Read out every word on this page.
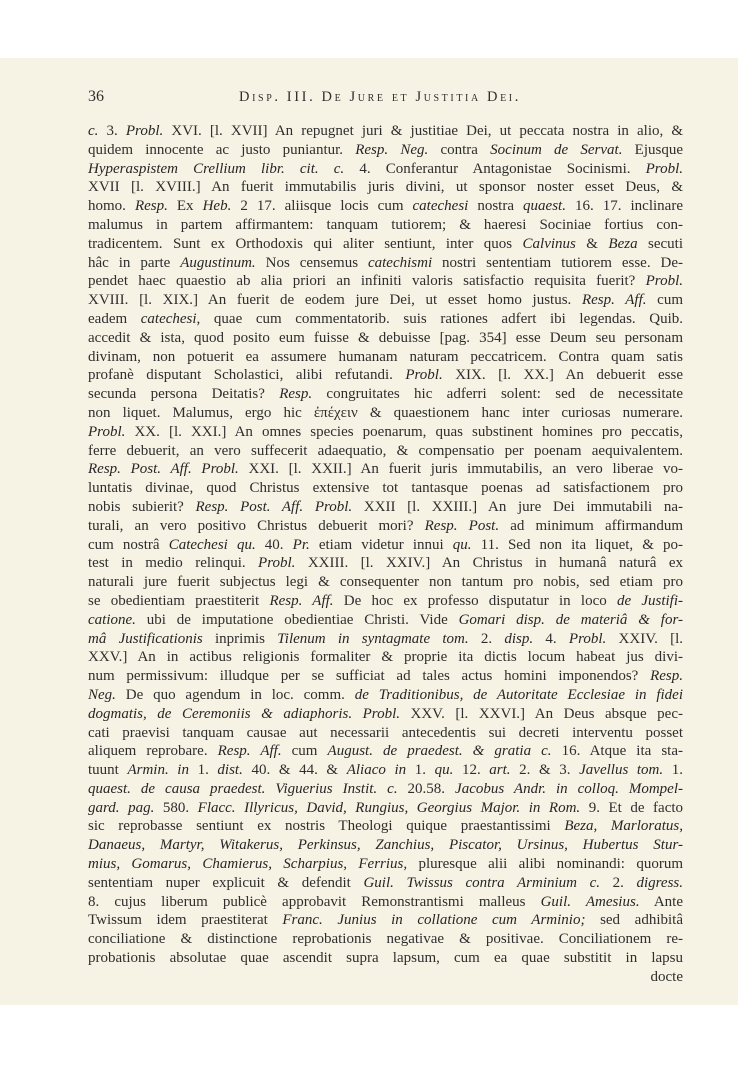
36	Disp. III. De Jure et Justitia Dei.
c. 3. Probl. XVI. [l. XVII] An repugnet juri & justitiae Dei, ut peccata nostra in alio, &
quidem innocente ac justo puniantur. Resp. Neg. contra Socinum de Servat. Ejusque
Hyperaspistem Crellium libr. cit. c. 4. Conferantur Antagonistae Socinismi. Probl.
XVII [l. XVIII.] An fuerit immutabilis juris divini, ut sponsor noster esset Deus, &
homo. Resp. Ex Heb. 2 17. aliisque locis cum catechesi nostra quaest. 16. 17. inclinare
malumus in partem affirmantem: tanquam tutiorem; & haeresi Sociniae fortius con-
tradicentem. Sunt ex Orthodoxis qui aliter sentiunt, inter quos Calvinus & Beza secuti
hâc in parte Augustinum. Nos censemus catechismi nostri sententiam tutiorem esse. De-
pendet haec quaestio ab alia priori an infiniti valoris satisfactio requisita fuerit? Probl.
XVIII. [l. XIX.] An fuerit de eodem jure Dei, ut esset homo justus. Resp. Aff. cum
eadem catechesi, quae cum commentatorib. suis rationes adfert ibi legendas. Quib.
accedit & ista, quod posito eum fuisse & debuisse [pag. 354] esse Deum seu personam
divinam, non potuerit ea assumere humanam naturam peccatricem. Contra quam satis
profanè disputant Scholastici, alibi refutandi. Probl. XIX. [l. XX.] An debuerit esse
secunda persona Deitatis? Resp. congruitates hic adferri solent: sed de necessitate
non liquet. Malumus, ergo hic ἐπέχειν & quaestionem hanc inter curiosas numerare.
Probl. XX. [l. XXI.] An omnes species poenarum, quas substinent homines pro peccatis,
ferre debuerit, an vero suffecerit adaequatio, & compensatio per poenam aequivalentem.
Resp. Post. Aff. Probl. XXI. [l. XXII.] An fuerit juris immutabilis, an vero liberae vo-
luntatis divinae, quod Christus extensive tot tantasque poenas ad satisfactionem pro
nobis subierit? Resp. Post. Aff. Probl. XXII [l. XXIII.] An jure Dei immutabili na-
turali, an vero positivo Christus debuerit mori? Resp. Post. ad minimum affirmandum
cum nostrâ Catechesi qu. 40. Pr. etiam videtur innui qu. 11. Sed non ita liquet, & po-
test in medio relinqui. Probl. XXIII. [l. XXIV.] An Christus in humanâ naturâ ex
naturali jure fuerit subjectus legi & consequenter non tantum pro nobis, sed etiam pro
se obedientiam praestiterit Resp. Aff. De hoc ex professo disputatur in loco de Justifi-
catione. ubi de imputatione obedientiae Christi. Vide Gomari disp. de materiâ & for-
mâ Justificationis inprimis Tilenum in syntagmate tom. 2. disp. 4. Probl. XXIV. [l.
XXV.] An in actibus religionis formaliter & proprie ita dictis locum habeat jus divi-
num permissivum: illudque per se sufficiat ad tales actus homini imponendos? Resp.
Neg. De quo agendum in loc. comm. de Traditionibus, de Autoritate Ecclesiae in fidei
dogmatis, de Ceremoniis & adiaphoris. Probl. XXV. [l. XXVI.] An Deus absque pec-
cati praevisi tanquam causae aut necessarii antecedentis sui decreti interventu posset
aliquem reprobare. Resp. Aff. cum August. de praedest. & gratia c. 16. Atque ita sta-
tuunt Armin. in 1. dist. 40. & 44. & Aliaco in 1. qu. 12. art. 2. & 3. Javellus tom. 1.
quaest. de causa praedest. Viguerius Instit. c. 20.58. Jacobus Andr. in colloq. Mompel-
gard. pag. 580. Flacc. Illyricus, David, Rungius, Georgius Major. in Rom. 9. Et de facto
sic reprobasse sentiunt ex nostris Theologi quique praestantissimi Beza, Marloratus,
Danaeus, Martyr, Witakerus, Perkinsus, Zanchius, Piscator, Ursinus, Hubertus Stur-
mius, Gomarus, Chamierus, Scharpius, Ferrius, pluresque alii alibi nominandi: quorum
sententiam nuper explicuit & defendit Guil. Twissus contra Arminium c. 2. digress.
8. cujus liberum publicè approbavit Remonstrantismi malleus Guil. Amesius. Ante
Twissum idem praestiterat Franc. Junius in collatione cum Arminio; sed adhibitâ
conciliatione & distinctione reprobationis negativae & positivae. Conciliationem re-
probationis absolutae quae ascendit supra lapsum, cum ea quae substitit in lapsu
docte
